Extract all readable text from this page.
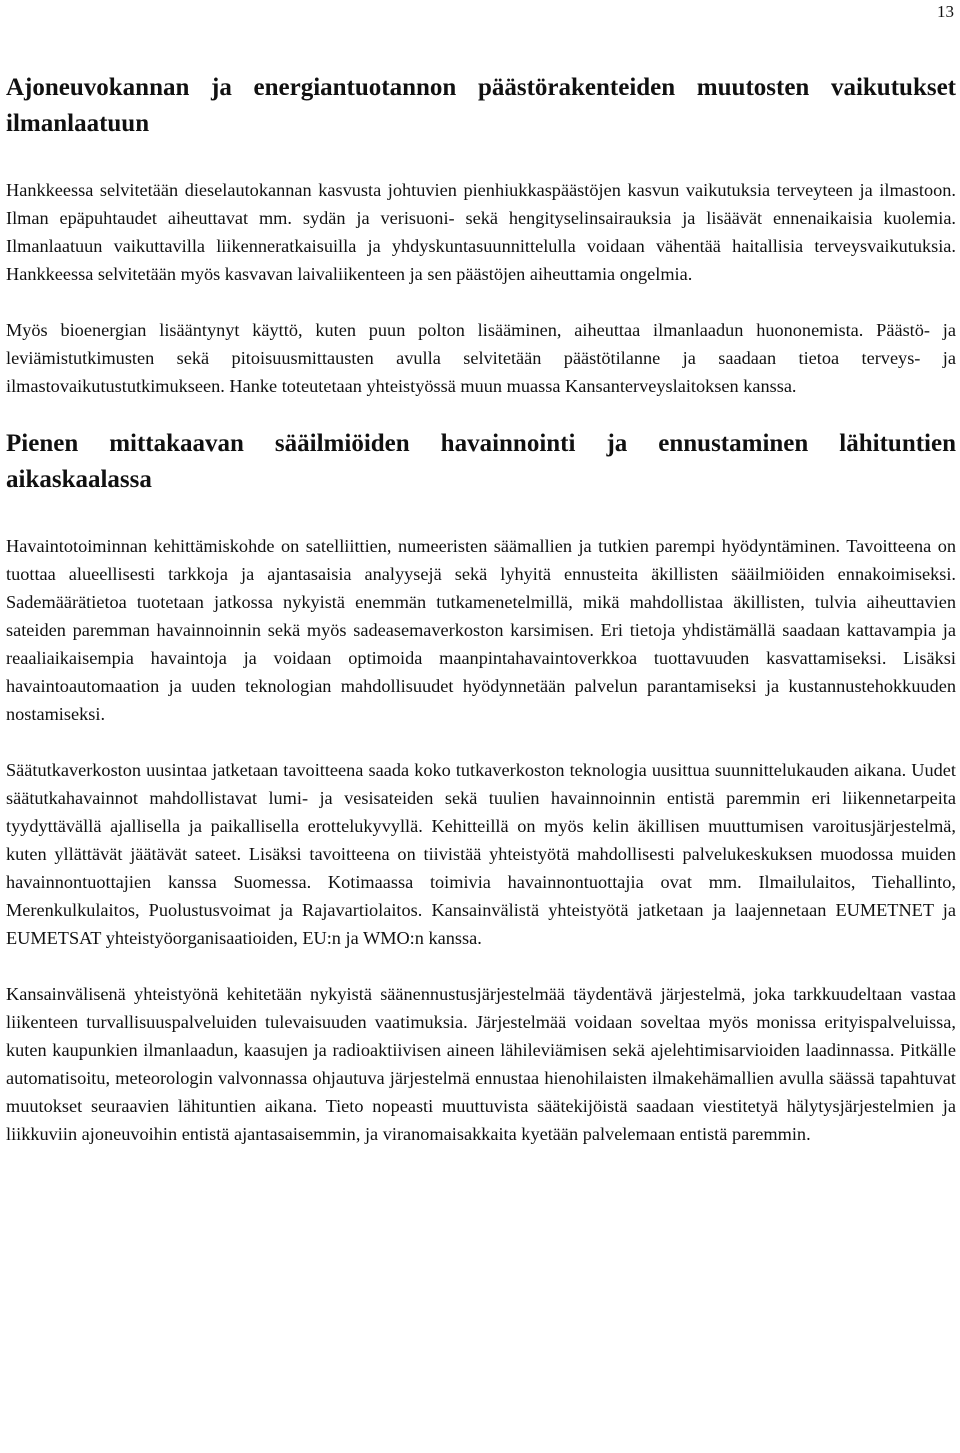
13
Ajoneuvokannan ja energiantuotannon päästörakenteiden muutosten vaikutukset ilmanlaatuun

Hankkeessa selvitetään dieselautokannan kasvusta johtuvien pienhiukkaspäästöjen kasvun vaikutuksia terveyteen ja ilmastoon. Ilman epäpuhtaudet aiheuttavat mm. sydän ja verisuoni- sekä hengityselinsairauksia ja lisäävät ennenaikaisia kuolemia. Ilmanlaatuun vaikuttavilla liikenneratkaisuilla ja yhdyskuntasuunnittelulla voidaan vähentää haitallisia terveysvaikutuksia. Hankkeessa selvitetään myös kasvavan laivaliikenteen ja sen päästöjen aiheuttamia ongelmia.

Myös bioenergian lisääntynyt käyttö, kuten puun polton lisääminen, aiheuttaa ilmanlaadun huononemista. Päästö- ja leviämistutkimusten sekä pitoisuusmittausten avulla selvitetään päästötilanne ja saadaan tietoa terveys- ja ilmastovaikutustutkimukseen. Hanke toteutetaan yhteistyössä muun muassa Kansanterveyslaitoksen kanssa.

Pienen mittakaavan sääilmiöiden havainnointi ja ennustaminen lähituntien aikaskaalassa

Havaintotoiminnan kehittämiskohde on satelliittien, numeeristen säämallien ja tutkien parempi hyödyntäminen. Tavoitteena on tuottaa alueellisesti tarkkoja ja ajantasaisia analyysejä sekä lyhyitä ennusteita äkillisten sääilmiöiden ennakoimiseksi. Sademäärätietoa tuotetaan jatkossa nykyistä enemmän tutkamenetelmillä, mikä mahdollistaa äkillisten, tulvia aiheuttavien sateiden paremman havainnoinnin sekä myös sadeasemaverkoston karsimisen. Eri tietoja yhdistämällä saadaan kattavampia ja reaaliaikaisempia havaintoja ja voidaan optimoida maanpintahavaintoverkkoa tuottavuuden kasvattamiseksi. Lisäksi havaintoautomaation ja uuden teknologian mahdollisuudet hyödynnetään palvelun parantamiseksi ja kustannustehokkuuden nostamiseksi.

Säätutkaverkoston uusintaa jatketaan tavoitteena saada koko tutkaverkoston teknologia uusittua suunnittelukauden aikana. Uudet säätutkahavainnot mahdollistavat lumi- ja vesisateiden sekä tuulien havainnoinnin entistä paremmin eri liikennetarpeita tyydyttävällä ajallisella ja paikallisella erottelukyvyllä. Kehitteillä on myös kelin äkillisen muuttumisen varoitusjärjestelmä, kuten yllättävät jäätävät sateet. Lisäksi tavoitteena on tiivistää yhteistyötä mahdollisesti palvelukeskuksen muodossa muiden havainnontuottajien kanssa Suomessa. Kotimaassa toimivia havainnontuottajia ovat mm. Ilmailulaitos, Tiehallinto, Merenkulkulaitos, Puolustusvoimat ja Rajavartiolaitos. Kansainvälistä yhteistyötä jatketaan ja laajennetaan EUMETNET ja EUMETSAT yhteistyöorganisaatioiden, EU:n ja WMO:n kanssa.

Kansainvälisenä yhteistyönä kehitetään nykyistä säänennustusjärjestelmää täydentävä järjestelmä, joka tarkkuudeltaan vastaa liikenteen turvallisuuspalveluiden tulevaisuuden vaatimuksia. Järjestelmää voidaan soveltaa myös monissa erityispalveluissa, kuten kaupunkien ilmanlaadun, kaasujen ja radioaktiivisen aineen lähileviämisen sekä ajelehtimisarvioiden laadinnassa. Pitkälle automatisoitu, meteorologin valvonnassa ohjautuva järjestelmä ennustaa hienohilaisten ilmakehämallien avulla säässä tapahtuvat muutokset seuraavien lähituntien aikana. Tieto nopeasti muuttuvista säätekijöistä saadaan viestitetyä hälytysjärjestelmien ja liikkuviin ajoneuvoihin entistä ajantasaisemmin, ja viranomaisakkaita kyetään palvelemaan entistä paremmin.
